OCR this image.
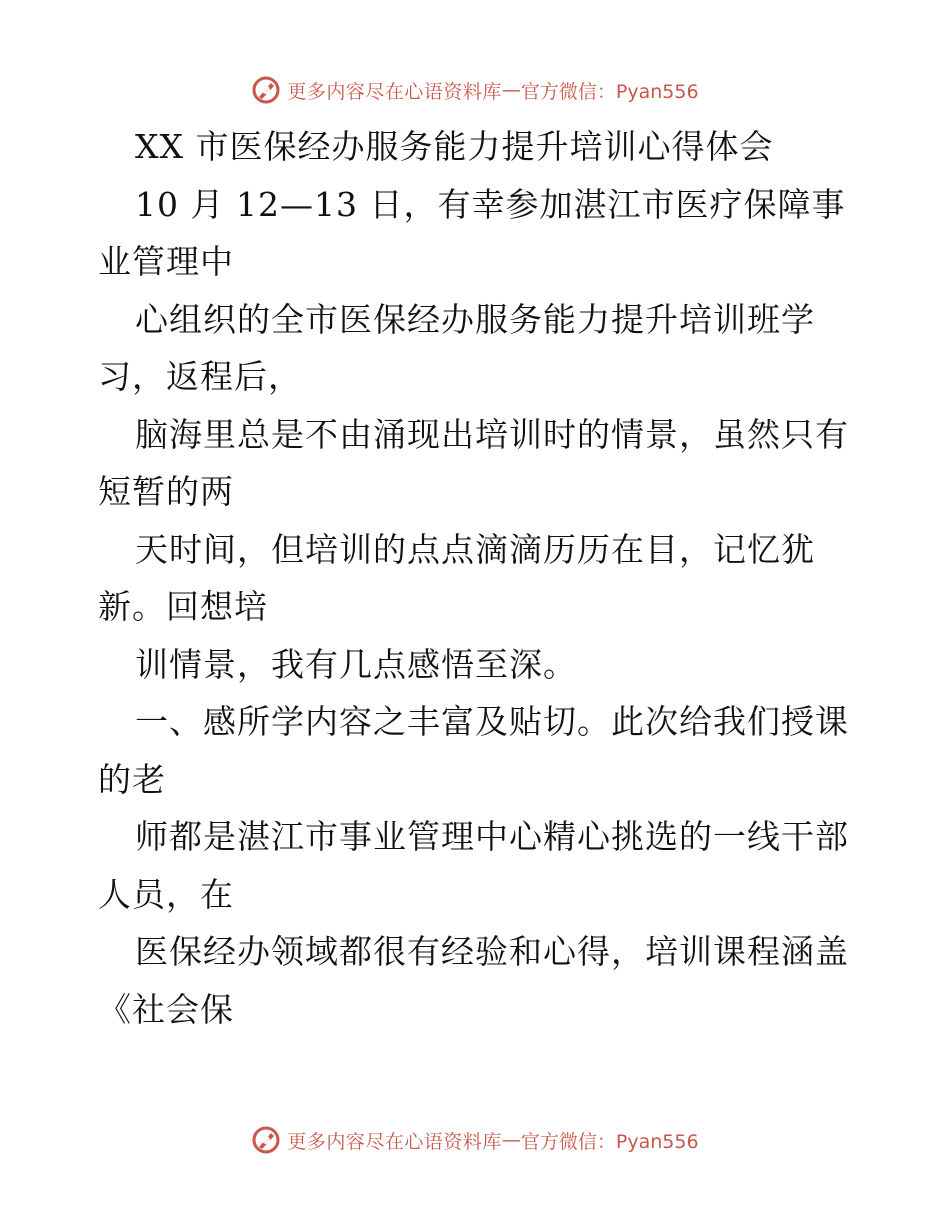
更多内容尽在心语资料库 — 官方微信：Pyan556
XX 市医保经办服务能力提升培训心得体会
10 月 12—13 日，有幸参加湛江市医疗保障事
业管理中
心组织的全市医保经办服务能力提升培训班学
习，返程后，
脑海里总是不由涌现出培训时的情景，虽然只有
短暂的两
天时间，但培训的点点滴滴历历在目，记忆犹
新。回想培
训情景，我有几点感悟至深。
一、感所学内容之丰富及贴切。此次给我们授课
的老
师都是湛江市事业管理中心精心挑选的一线干部
人员，在
医保经办领域都很有经验和心得，培训课程涵盖
《社会保
更多内容尽在心语资料库 — 官方微信：Pyan556
